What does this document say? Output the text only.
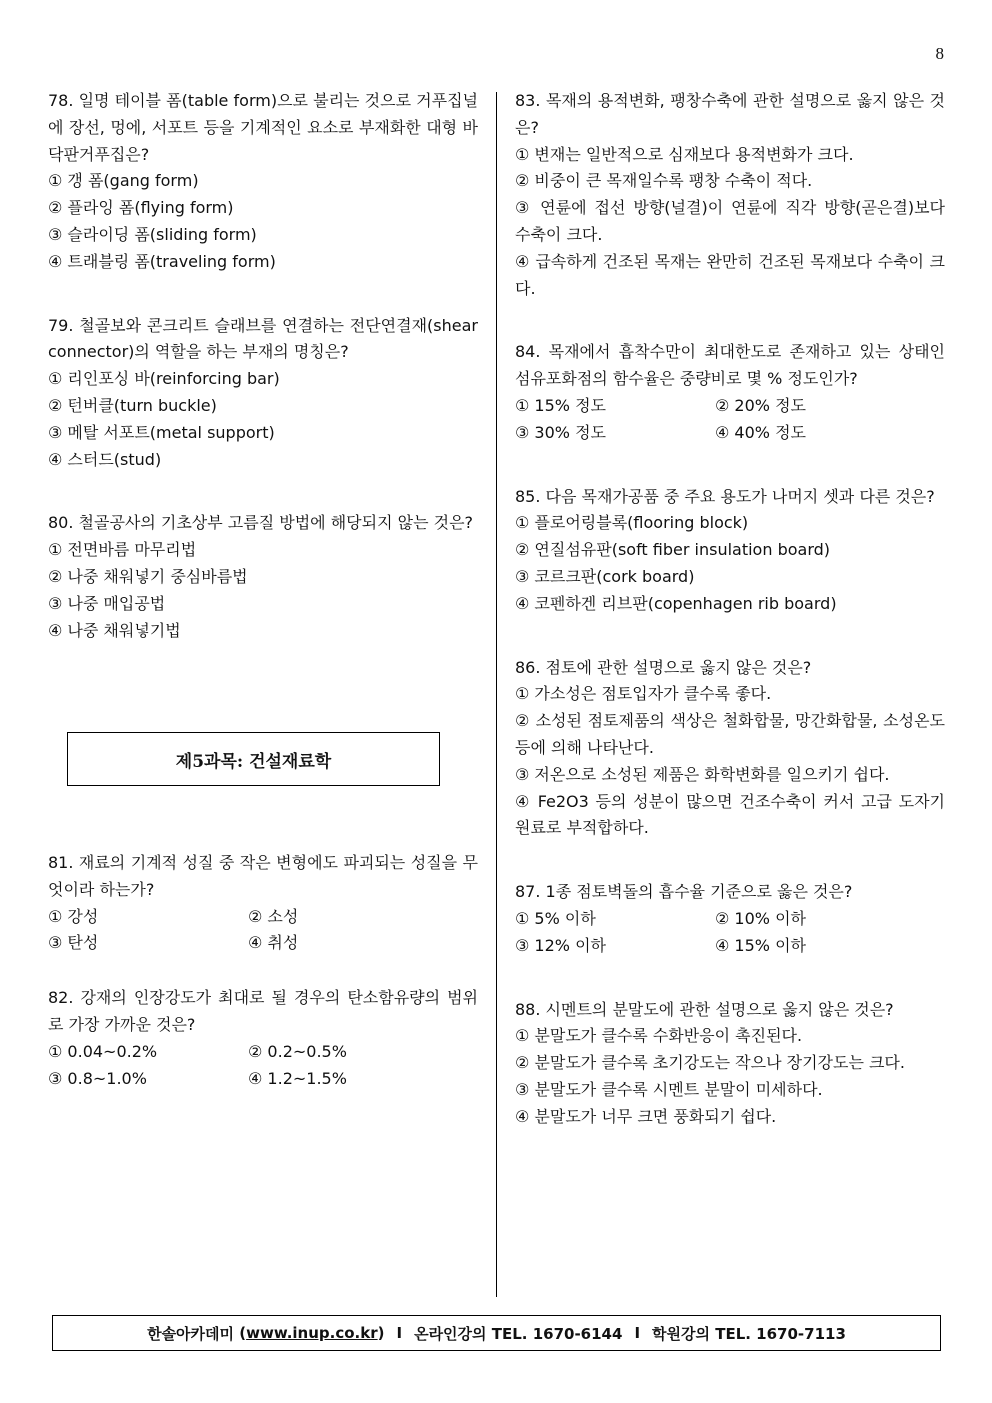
8
78. 일명 테이블 폼(table form)으로 불리는 것으로 거푸집널에 장선, 멍에, 서포트 등을 기계적인 요소로 부재화한 대형 바닥판거푸집은?
① 갱 폼(gang form)
② 플라잉 폼(flying form)
③ 슬라이딩 폼(sliding form)
④ 트래블링 폼(traveling form)
79. 철골보와 콘크리트 슬래브를 연결하는 전단연결재(shear connector)의 역할을 하는 부재의 명칭은?
① 리인포싱 바(reinforcing bar)
② 턴버클(turn buckle)
③ 메탈 서포트(metal support)
④ 스터드(stud)
80. 철골공사의 기초상부 고름질 방법에 해당되지 않는 것은?
① 전면바름 마무리법
② 나중 채워넣기 중심바름법
③ 나중 매입공법
④ 나중 채워넣기법
제5과목: 건설재료학
81. 재료의 기계적 성질 중 작은 변형에도 파괴되는 성질을 무엇이라 하는가?
① 강성	② 소성
③ 탄성	④ 취성
82. 강재의 인장강도가 최대로 될 경우의 탄소함유량의 범위로 가장 가까운 것은?
① 0.04~0.2%	② 0.2~0.5%
③ 0.8~1.0%	④ 1.2~1.5%
83. 목재의 용적변화, 팽창수축에 관한 설명으로 옳지 않은 것은?
① 변재는 일반적으로 심재보다 용적변화가 크다.
② 비중이 큰 목재일수록 팽창 수축이 적다.
③ 연륜에 접선 방향(널결)이 연륜에 직각 방향(곧은결)보다 수축이 크다.
④ 급속하게 건조된 목재는 완만히 건조된 목재보다 수축이 크다.
84. 목재에서 흡착수만이 최대한도로 존재하고 있는 상태인 섬유포화점의 함수율은 중량비로 몇 % 정도인가?
① 15% 정도	② 20% 정도
③ 30% 정도	④ 40% 정도
85. 다음 목재가공품 중 주요 용도가 나머지 셋과 다른 것은?
① 플로어링블록(flooring block)
② 연질섬유판(soft fiber insulation board)
③ 코르크판(cork board)
④ 코펜하겐 리브판(copenhagen rib board)
86. 점토에 관한 설명으로 옳지 않은 것은?
① 가소성은 점토입자가 클수록 좋다.
② 소성된 점토제품의 색상은 철화합물, 망간화합물, 소성온도 등에 의해 나타난다.
③ 저온으로 소성된 제품은 화학변화를 일으키기 쉽다.
④ Fe2O3 등의 성분이 많으면 건조수축이 커서 고급 도자기 원료로 부적합하다.
87. 1종 점토벽돌의 흡수율 기준으로 옳은 것은?
① 5% 이하	② 10% 이하
③ 12% 이하	④ 15% 이하
88. 시멘트의 분말도에 관한 설명으로 옳지 않은 것은?
① 분말도가 클수록 수화반응이 촉진된다.
② 분말도가 클수록 초기강도는 작으나 장기강도는 크다.
③ 분말도가 클수록 시멘트 분말이 미세하다.
④ 분말도가 너무 크면 풍화되기 쉽다.
한솔아카데미 ( www.inup.co.kr ) I 온라인강의 TEL. 1670-6144 I 학원강의 TEL. 1670-7113
